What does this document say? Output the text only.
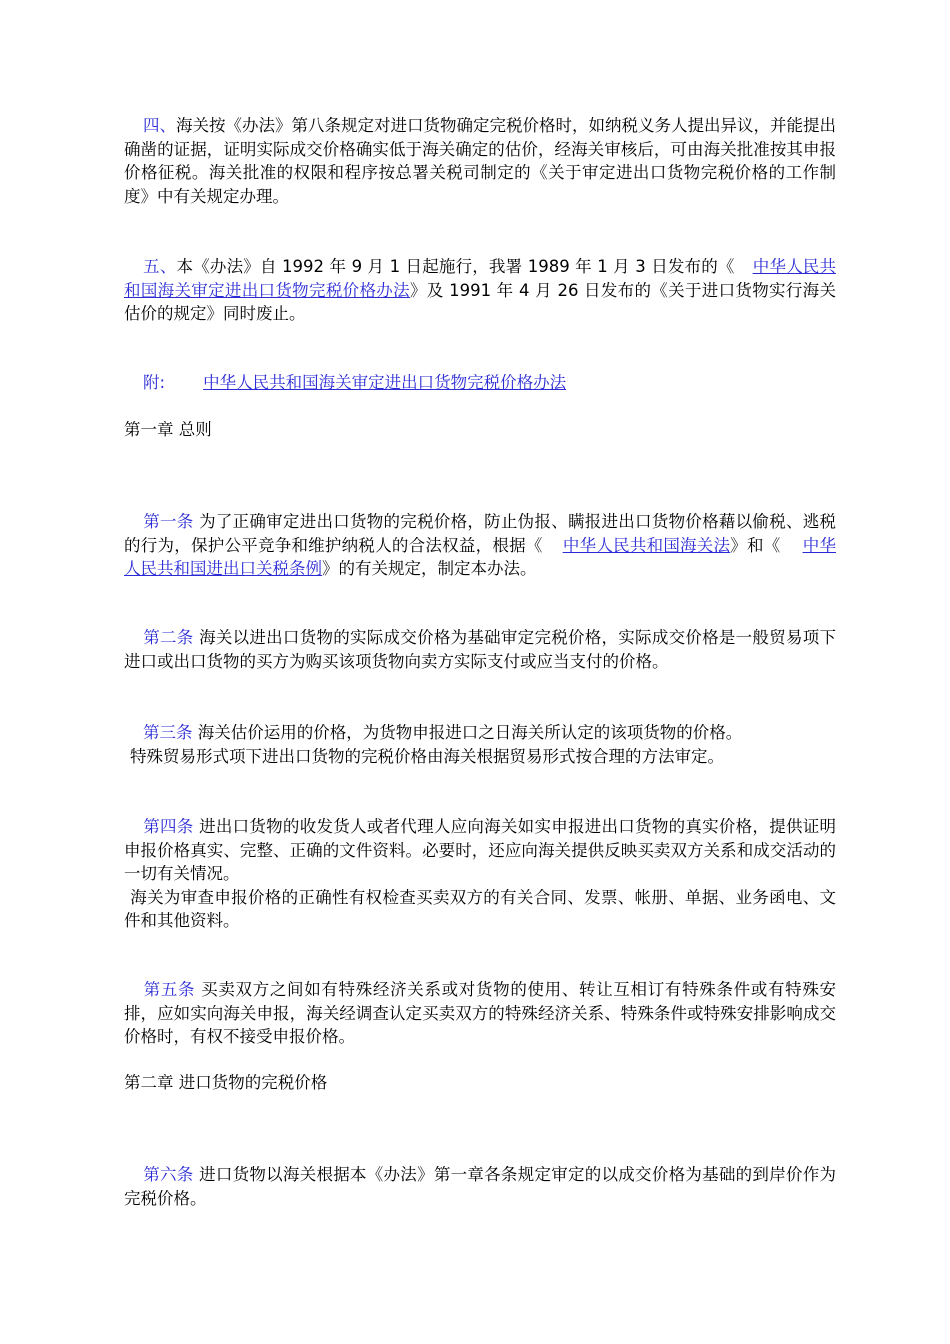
四、海关按《办法》第八条规定对进口货物确定完税价格时，如纳税义务人提出异议，并能提出确凿的证据，证明实际成交价格确实低于海关确定的估价，经海关审核后，可由海关批准按其申报价格征税。海关批准的权限和程序按总署关税司制定的《关于审定进出口货物完税价格的工作制度》中有关规定办理。

五、本《办法》自 1992 年 9 月 1 日起施行，我署 1989 年 1 月 3 日发布的《 中华人民共和国海关审定进出口货物完税价格办法》及 1991 年 4 月 26 日发布的《关于进口货物实行海关估价的规定》同时废止。

附: 中华人民共和国海关审定进出口货物完税价格办法

第一章 总则

第一条 为了正确审定进出口货物的完税价格，防止伪报、瞒报进出口货物价格藉以偷税、逃税的行为，保护公平竞争和维护纳税人的合法权益，根据《 中华人民共和国海关法》和《 中华人民共和国进出口关税条例》的有关规定，制定本办法。

第二条 海关以进出口货物的实际成交价格为基础审定完税价格，实际成交价格是一般贸易项下进口或出口货物的买方为购买该项货物向卖方实际支付或应当支付的价格。

第三条 海关估价运用的价格，为货物申报进口之日海关所认定的该项货物的价格。
特殊贸易形式项下进出口货物的完税价格由海关根据贸易形式按合理的方法审定。

第四条 进出口货物的收发货人或者代理人应向海关如实申报进出口货物的真实价格，提供证明申报价格真实、完整、正确的文件资料。必要时，还应向海关提供反映买卖双方关系和成交活动的一切有关情况。
海关为审查申报价格的正确性有权检查买卖双方的有关合同、发票、帐册、单据、业务函电、文件和其他资料。

第五条 买卖双方之间如有特殊经济关系或对货物的使用、转让互相订有特殊条件或有特殊安排，应如实向海关申报，海关经调查认定买卖双方的特殊经济关系、特殊条件或特殊安排影响成交价格时，有权不接受申报价格。

第二章 进口货物的完税价格

第六条 进口货物以海关根据本《办法》第一章各条规定审定的以成交价格为基础的到岸价作为完税价格。
